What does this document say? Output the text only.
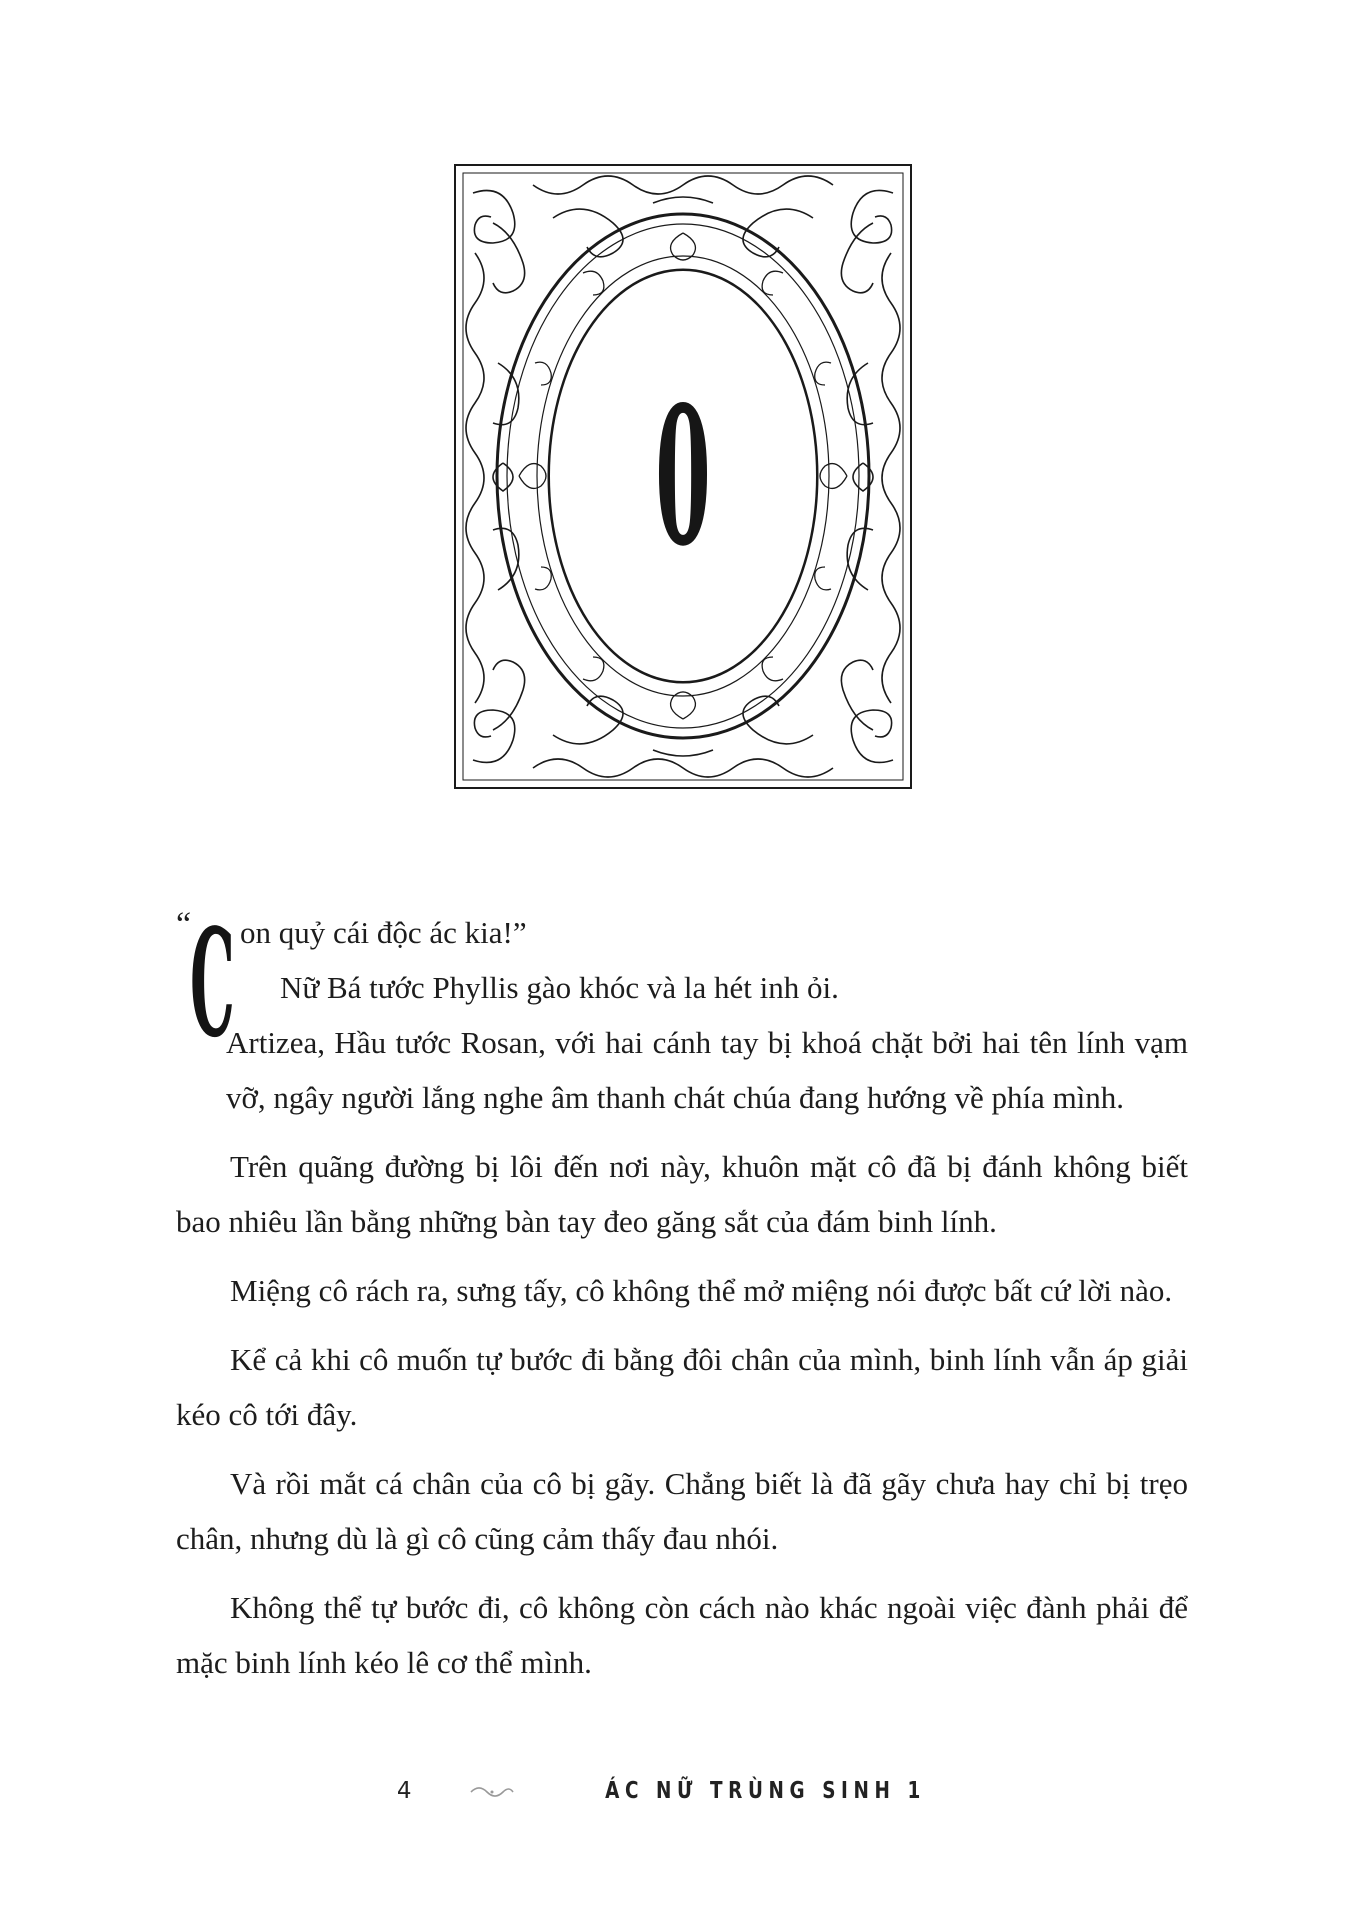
0
“
C on quỷ cái độc ác kia!”

Nữ Bá tước Phyllis gào khóc và la hét inh ỏi.

Artizea, Hầu tước Rosan, với hai cánh tay bị khoá chặt bởi hai tên lính vạm vỡ, ngây người lắng nghe âm thanh chát chúa đang hướng về phía mình.

Trên quãng đường bị lôi đến nơi này, khuôn mặt cô đã bị đánh không biết bao nhiêu lần bằng những bàn tay đeo găng sắt của đám binh lính.

Miệng cô rách ra, sưng tấy, cô không thể mở miệng nói được bất cứ lời nào.

Kể cả khi cô muốn tự bước đi bằng đôi chân của mình, binh lính vẫn áp giải kéo cô tới đây.

Và rồi mắt cá chân của cô bị gãy. Chẳng biết là đã gãy chưa hay chỉ bị trẹo chân, nhưng dù là gì cô cũng cảm thấy đau nhói.

Không thể tự bước đi, cô không còn cách nào khác ngoài việc đành phải để mặc binh lính kéo lê cơ thể mình.

4	ÁC NỮ TRÙNG SINH 1
